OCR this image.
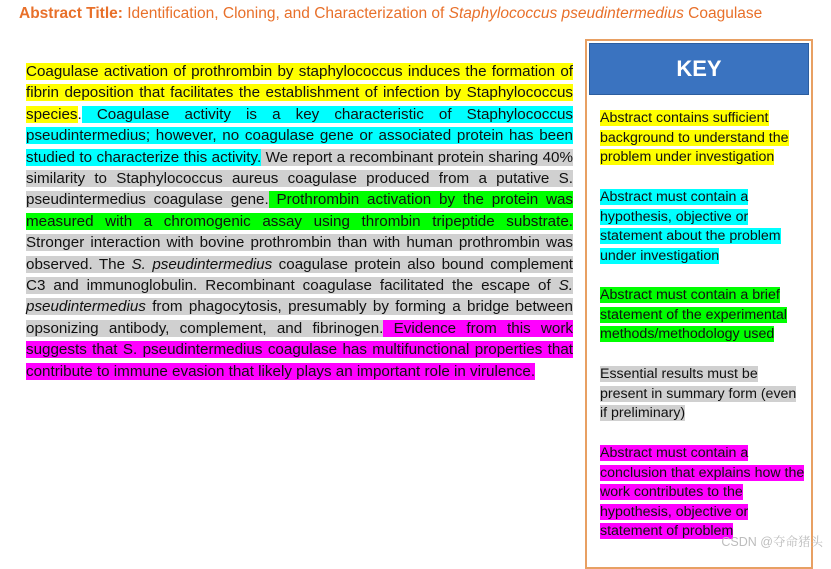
Abstract Title: Identification, Cloning, and Characterization of Staphylococcus pseudintermedius Coagulase
Coagulase activation of prothrombin by staphylococcus induces the formation of fibrin deposition that facilitates the establishment of infection by Staphylococcus species. Coagulase activity is a key characteristic of Staphylococcus pseudintermedius; however, no coagulase gene or associated protein has been studied to characterize this activity. We report a recombinant protein sharing 40% similarity to Staphylococcus aureus coagulase produced from a putative S. pseudintermedius coagulase gene. Prothrombin activation by the protein was measured with a chromogenic assay using thrombin tripeptide substrate. Stronger interaction with bovine prothrombin than with human prothrombin was observed. The S. pseudintermedius coagulase protein also bound complement C3 and immunoglobulin. Recombinant coagulase facilitated the escape of S. pseudintermedius from phagocytosis, presumably by forming a bridge between opsonizing antibody, complement, and fibrinogen. Evidence from this work suggests that S. pseudintermedius coagulase has multifunctional properties that contribute to immune evasion that likely plays an important role in virulence.
KEY
Abstract contains sufficient background to understand the problem under investigation
Abstract must contain a hypothesis, objective or statement about the problem under investigation
Abstract must contain a brief statement of the experimental methods/methodology used
Essential results must be present in summary form (even if preliminary)
Abstract must contain a conclusion that explains how the work contributes to the hypothesis, objective or statement of problem
CSDN @夺命猪头
